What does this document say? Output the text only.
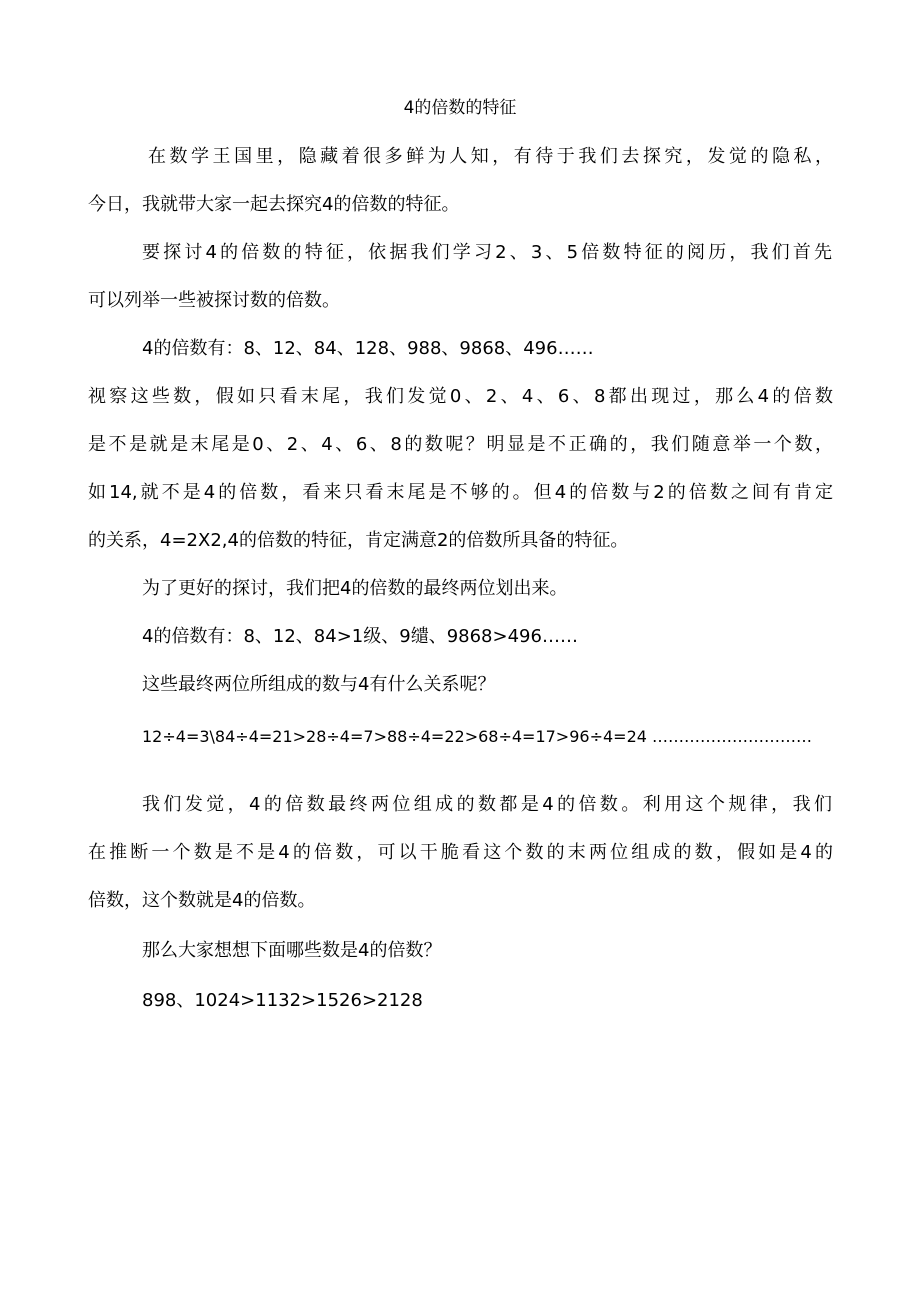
4的倍数的特征
在数学王国里，隐藏着很多鲜为人知，有待于我们去探究，发觉的隐私，
今日，我就带大家一起去探究4的倍数的特征。
要探讨4的倍数的特征，依据我们学习2、3、5倍数特征的阅历，我们首先
可以列举一些被探讨数的倍数。
4的倍数有：8、12、84、128、988、9868、496……
视察这些数，假如只看末尾，我们发觉0、2、4、6、8都出现过，那么4的倍数
是不是就是末尾是0、2、4、6、8的数呢？明显是不正确的，我们随意举一个数，
如14,就不是4的倍数，看来只看末尾是不够的。但4的倍数与2的倍数之间有肯定
的关系，4=2X2,4的倍数的特征，肯定满意2的倍数所具备的特征。
为了更好的探讨，我们把4的倍数的最终两位划出来。
4的倍数有：8、12、84>1级、9缱、9868>496……
这些最终两位所组成的数与4有什么关系呢？
12÷4=3\84÷4=21>28÷4=7>88÷4=22>68÷4=17>96÷4=24 …………………………
我们发觉，4的倍数最终两位组成的数都是4的倍数。利用这个规律，我们
在推断一个数是不是4的倍数，可以干脆看这个数的末两位组成的数，假如是4的
倍数，这个数就是4的倍数。
那么大家想想下面哪些数是4的倍数？
898、1024>1132>1526>2128
